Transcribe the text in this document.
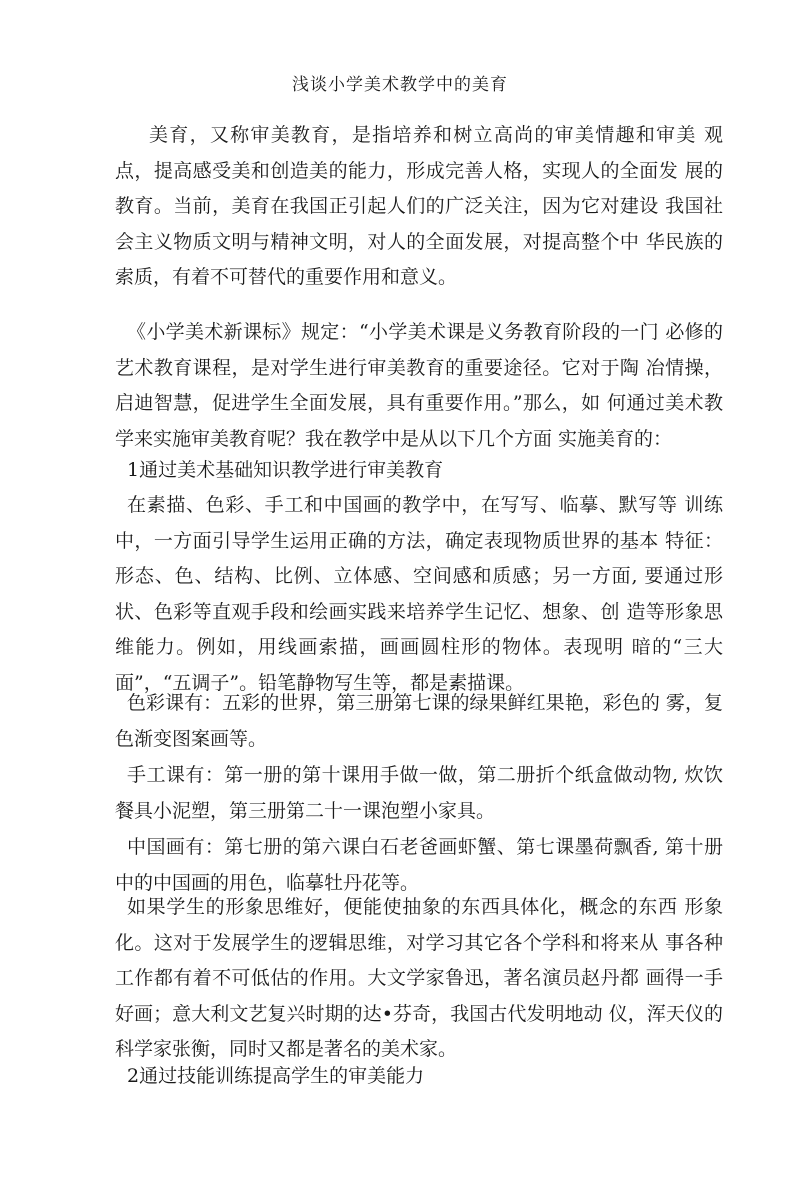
浅谈小学美术教学中的美育

美育，又称审美教育，是指培养和树立高尚的审美情趣和审美 观点，提高感受美和创造美的能力，形成完善人格，实现人的全面发 展的教育。当前，美育在我国正引起人们的广泛关注，因为它对建设 我国社会主义物质文明与精神文明，对人的全面发展，对提高整个中 华民族的索质，有着不可替代的重要作用和意义。

《小学美术新课标》规定：“小学美术课是义务教育阶段的一门 必修的艺术教育课程，是对学生进行审美教育的重要途径。它对于陶 冶情操，启迪智慧，促进学生全面发展，具有重要作用。”那么，如 何通过美术教学来实施审美教育呢？我在教学中是从以下几个方面 实施美育的：

1通过美术基础知识教学进行审美教育

在素描、色彩、手工和中国画的教学中，在写写、临摹、默写等 训练中，一方面引导学生运用正确的方法，确定表现物质世界的基本 特征：形态、色、结构、比例、立体感、空间感和质感；另一方面, 要通过形状、色彩等直观手段和绘画实践来培养学生记忆、想象、创 造等形象思维能力。例如，用线画索描，画画圆柱形的物体。表现明 暗的“三大面”，“五调子”。铅笔静物写生等，都是素描课。

色彩课有：五彩的世界，第三册第七课的绿果鲜红果艳，彩色的 雾，复色渐变图案画等。

手工课有：第一册的第十课用手做一做，第二册折个纸盒做动物, 炊饮餐具小泥塑，第三册第二十一课泡塑小家具。

中国画有：第七册的第六课白石老爸画虾蟹、第七课墨荷飘香, 第十册中的中国画的用色，临摹牡丹花等。

如果学生的形象思维好，便能使抽象的东西具体化，概念的东西 形象化。这对于发展学生的逻辑思维，对学习其它各个学科和将来从 事各种工作都有着不可低估的作用。大文学家鲁迅，著名演员赵丹都 画得一手好画；意大利文艺复兴时期的达•芬奇，我国古代发明地动 仪，浑天仪的科学家张衡，同时又都是著名的美术家。

2通过技能训练提高学生的审美能力
